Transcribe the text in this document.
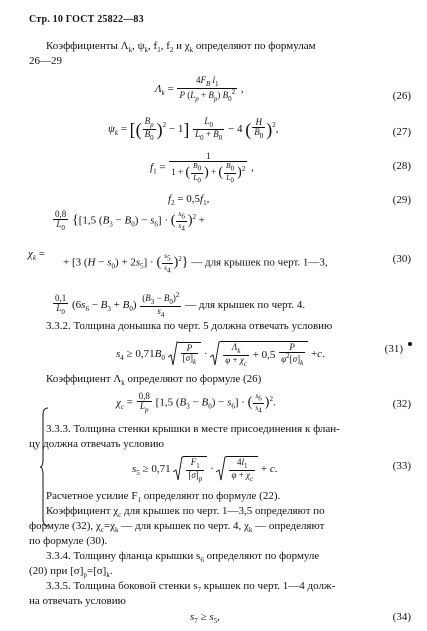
Стр. 10 ГОСТ 25822—83
Коэффициенты $\Lambda_k$, $\psi_k$, $f_1$, $f_2$ и $\chi_k$ определяют по формулам
26—29
$\Lambda_k = \frac{4F_B l_1}{P (L_p + B_p) B_0^2}$ ,
(26)
$\psi_k$ = [( $\frac{B_p}{B_0} )^2 - 1] \frac{L_0}{L_0 + B_0} - 4$ ( $\frac{H}{B_0} )^2$,	(27)
$f_1 = \frac{1}{1 + ( \frac{B_0}{L_0} ) + ( \frac{B_0}{L_0} )^2}$ ,	(28)
$f_2 = 0,5f_1$,	(29)
$\chi_k$ =
$\frac{0,8}{L_0} \{[1,5$ $(B_3 - B_0) - s_6$] · ( $\frac{s_6}{s_4} )^2$ +
+ [3 $(H - s_0) + 2s_5$] · ( $\frac{s_5}{s_4} )^2$} — для крышек по черт. 1—3,	(30)
$\frac{0,1}{L_0} (6s_6 - B_3 + B_0) \frac{(B_3 - B_0)^2}{s_4}$ — для крышек по черт. 4.
3.3.2. Толщина донышка по черт. 5 должна отвечать условию
$s_4 \ge 0,71B_0 \frac{P}{[\sigma]_k} \cdot \frac{\Lambda_k}{\varphi + \chi_c} + 0,5 \frac{P}{\varphi^2[\sigma]_k} +c$.	(31)
Коэффициент $\Lambda_k$ определяют по формуле (26)
$\chi_c = \frac{0,8}{L_p} [1,5$ $(B_3 - B_0) - s_6$] · ( $\frac{s_6}{s_4} )^2$.	(32)
3.3.3. Толщина стенки крышки в месте присоединения к флан-
цу должна отвечать условию
$s_5 \ge 0,71 \frac{F_1}{[\sigma]_p} \cdot \frac{4l_1}{\varphi + \chi_c} + c$.	(33)
Расчетное усилие $F_1$ определяют по формуле (22).
Коэффициент $\chi_c$ для крышек по черт. 1—3,5 определяют по
формуле (32), $\chi_c=\chi_k$ — для крышек по черт. 4, $\chi_k$ — определяют
по формуле (30).
3.3.4. Толщину фланца крышки $s_6$ определяют по формуле
(20) при $[\sigma]_p=[\sigma]_k$.
3.3.5. Толщина боковой стенки $s_7$ крышек по черт. 1—4 долж-
на отвечать условию
$s_7 \ge s_5$,	(34)
